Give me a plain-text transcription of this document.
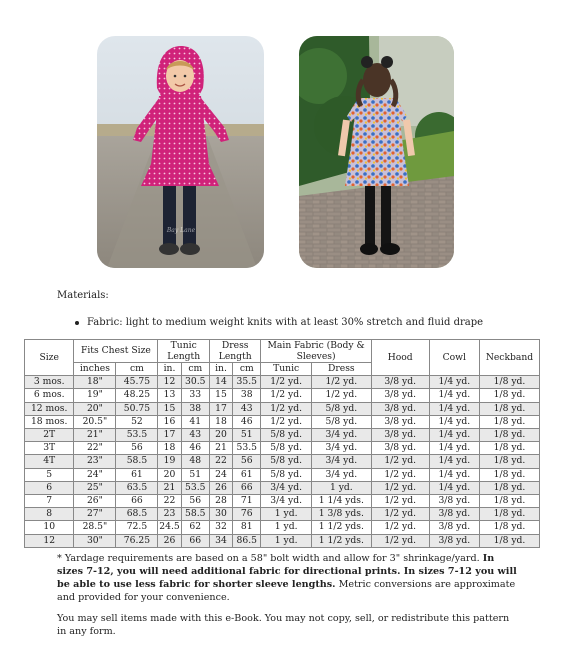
Bay Lane
Materials:
Fabric: light to medium weight knits with at least 30% stretch and fluid drape
Size	Fits Chest Size		Tunic Length		Dress Length		Main Fabric (Body & Sleeves)		Hood	Cowl	Neckband
	inches	cm	in.	cm	in.	cm	Tunic	Dress			
3 mos.	18"	45.75	12	30.5	14	35.5	1/2 yd.	1/2 yd.	3/8 yd.	1/4 yd.	1/8 yd.
6 mos.	19"	48.25	13	33	15	38	1/2 yd.	1/2 yd.	3/8 yd.	1/4 yd.	1/8 yd.
12 mos.	20"	50.75	15	38	17	43	1/2 yd.	5/8 yd.	3/8 yd.	1/4 yd.	1/8 yd.
18 mos.	20.5"	52	16	41	18	46	1/2 yd.	5/8 yd.	3/8 yd.	1/4 yd.	1/8 yd.
2T	21"	53.5	17	43	20	51	5/8 yd.	3/4 yd.	3/8 yd.	1/4 yd.	1/8 yd.
3T	22"	56	18	46	21	53.5	5/8 yd.	3/4 yd.	3/8 yd.	1/4 yd.	1/8 yd.
4T	23"	58.5	19	48	22	56	5/8 yd.	3/4 yd.	1/2 yd.	1/4 yd.	1/8 yd.
5	24"	61	20	51	24	61	5/8 yd.	3/4 yd.	1/2 yd.	1/4 yd.	1/8 yd.
6	25"	63.5	21	53.5	26	66	3/4 yd.	1 yd.	1/2 yd.	1/4 yd.	1/8 yd.
7	26"	66	22	56	28	71	3/4 yd.	1 1/4 yds.	1/2 yd.	3/8 yd.	1/8 yd.
8	27"	68.5	23	58.5	30	76	1 yd.	1 3/8 yds.	1/2 yd.	3/8 yd.	1/8 yd.
10	28.5"	72.5	24.5	62	32	81	1 yd.	1 1/2 yds.	1/2 yd.	3/8 yd.	1/8 yd.
12	30"	76.25	26	66	34	86.5	1 yd.	1 1/2 yds.	1/2 yd.	3/8 yd.	1/8 yd.
* Yardage requirements are based on a 58" bolt width and allow for 3" shrinkage/yard. In sizes 7-12, you will need additional fabric for directional prints. In sizes 7-12 you will be able to use less fabric for shorter sleeve lengths. Metric conversions are approximate and provided for your convenience.
You may sell items made with this e-Book. You may not copy, sell, or redistribute this pattern in any form.
